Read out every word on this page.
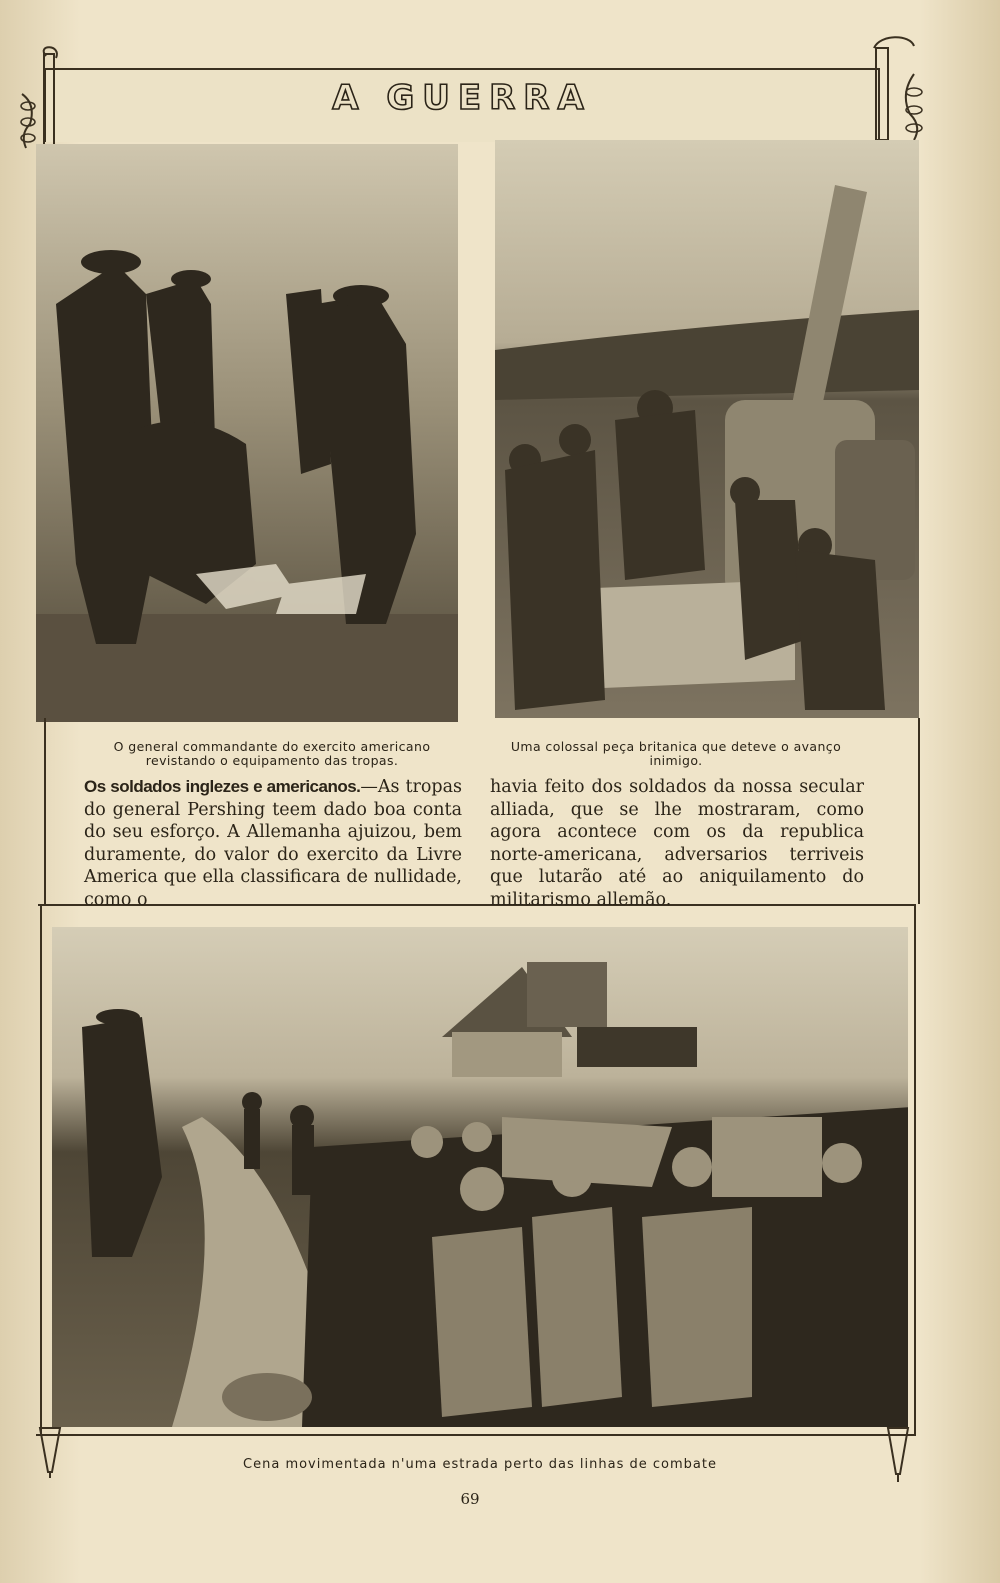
A GUERRA
O general commandante do exercito americano revistando o equipamento das tropas.
Uma colossal peça britanica que deteve o avanço inimigo.
Os soldados inglezes e americanos.—As tropas do general Pershing teem dado boa conta do seu esforço. A Allemanha ajuizou, bem duramente, do valor do exercito da Livre America que ella classificara de nullidade, como o
havia feito dos soldados da nossa secular alliada, que se lhe mostraram, como agora acontece com os da republica norte-americana, adversarios terriveis que lutarão até ao aniquilamento do militarismo allemão.
Cena movimentada n'uma estrada perto das linhas de combate
69
